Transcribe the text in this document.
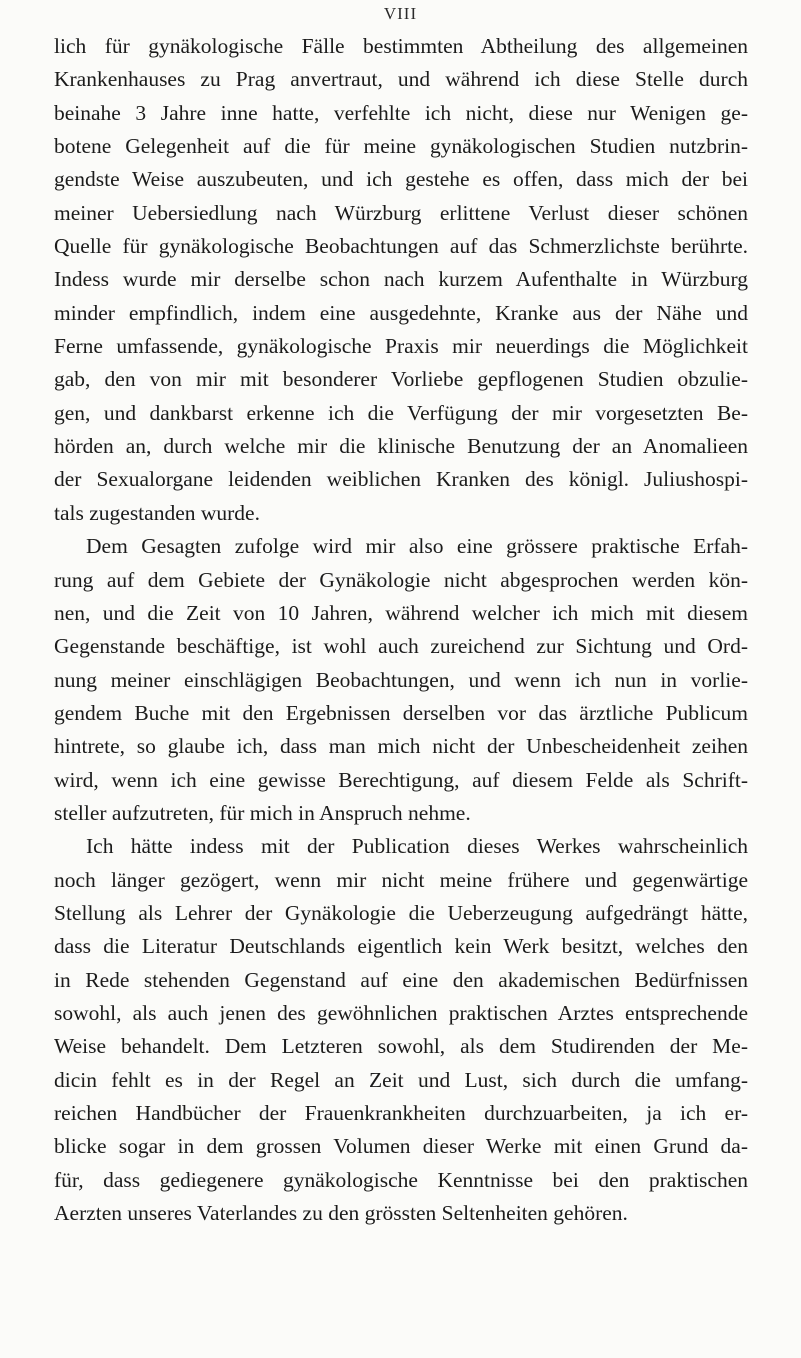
VIII
lich für gynäkologische Fälle bestimmten Abtheilung des allgemeinen
Krankenhauses zu Prag anvertraut, und während ich diese Stelle durch
beinahe 3 Jahre inne hatte, verfehlte ich nicht, diese nur Wenigen ge-
botene Gelegenheit auf die für meine gynäkologischen Studien nutzbrin-
gendste Weise auszubeuten, und ich gestehe es offen, dass mich der bei
meiner Uebersiedlung nach Würzburg erlittene Verlust dieser schönen
Quelle für gynäkologische Beobachtungen auf das Schmerzlichste berührte.
Indess wurde mir derselbe schon nach kurzem Aufenthalte in Würzburg
minder empfindlich, indem eine ausgedehnte, Kranke aus der Nähe und
Ferne umfassende, gynäkologische Praxis mir neuerdings die Möglichkeit
gab, den von mir mit besonderer Vorliebe gepflogenen Studien obzulie-
gen, und dankbarst erkenne ich die Verfügung der mir vorgesetzten Be-
hörden an, durch welche mir die klinische Benutzung der an Anomalieen
der Sexualorgane leidenden weiblichen Kranken des königl. Juliushospi-
tals zugestanden wurde.
Dem Gesagten zufolge wird mir also eine grössere praktische Erfah-
rung auf dem Gebiete der Gynäkologie nicht abgesprochen werden kön-
nen, und die Zeit von 10 Jahren, während welcher ich mich mit diesem
Gegenstande beschäftige, ist wohl auch zureichend zur Sichtung und Ord-
nung meiner einschlägigen Beobachtungen, und wenn ich nun in vorlie-
gendem Buche mit den Ergebnissen derselben vor das ärztliche Publicum
hintrete, so glaube ich, dass man mich nicht der Unbescheidenheit zeihen
wird, wenn ich eine gewisse Berechtigung, auf diesem Felde als Schrift-
steller aufzutreten, für mich in Anspruch nehme.
Ich hätte indess mit der Publication dieses Werkes wahrscheinlich
noch länger gezögert, wenn mir nicht meine frühere und gegenwärtige
Stellung als Lehrer der Gynäkologie die Ueberzeugung aufgedrängt hätte,
dass die Literatur Deutschlands eigentlich kein Werk besitzt, welches den
in Rede stehenden Gegenstand auf eine den akademischen Bedürfnissen
sowohl, als auch jenen des gewöhnlichen praktischen Arztes entsprechende
Weise behandelt. Dem Letzteren sowohl, als dem Studirenden der Me-
dicin fehlt es in der Regel an Zeit und Lust, sich durch die umfang-
reichen Handbücher der Frauenkrankheiten durchzuarbeiten, ja ich er-
blicke sogar in dem grossen Volumen dieser Werke mit einen Grund da-
für, dass gediegenere gynäkologische Kenntnisse bei den praktischen
Aerzten unseres Vaterlandes zu den grössten Seltenheiten gehören.
